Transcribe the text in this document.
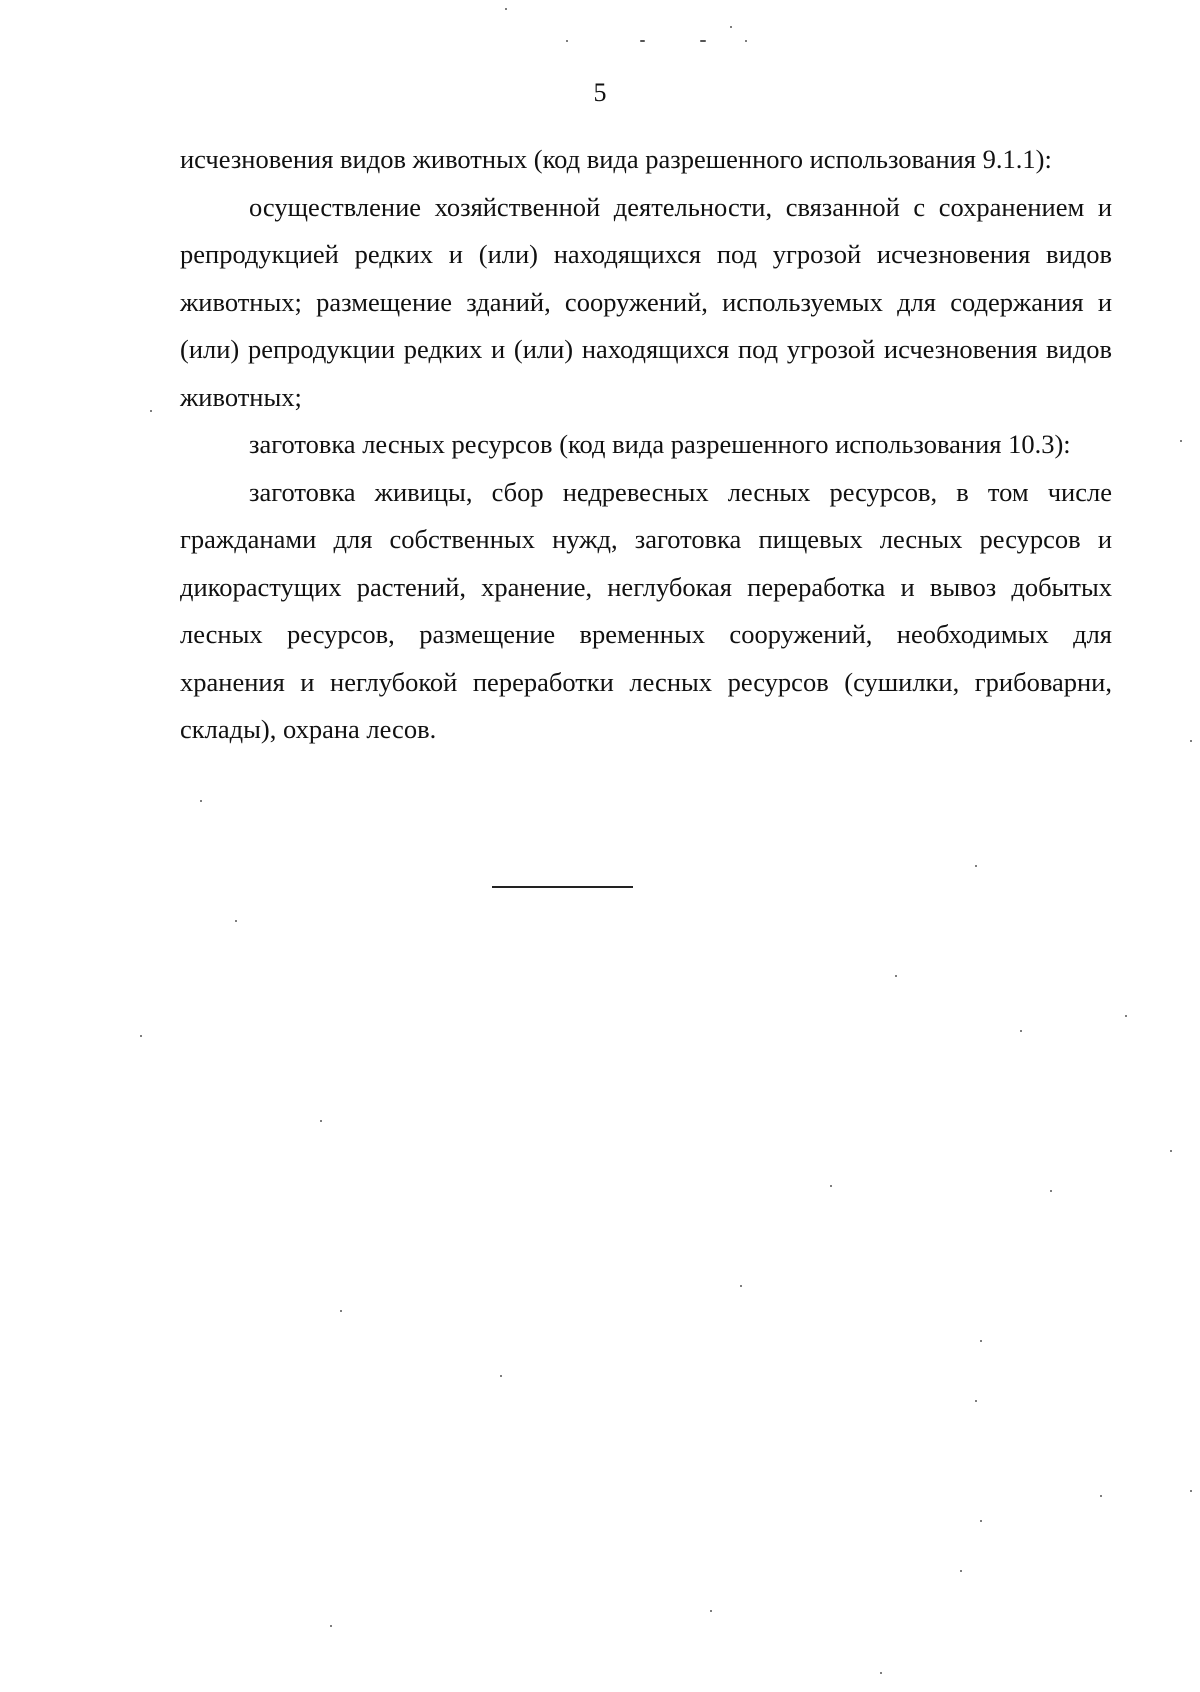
5

исчезновения видов животных (код вида разрешенного использования 9.1.1):

осуществление хозяйственной деятельности, связанной с сохранением и репродукцией редких и (или) находящихся под угрозой исчезновения видов животных; размещение зданий, сооружений, используемых для содержания и (или) репродукции редких и (или) находящихся под угрозой исчезновения видов животных;

заготовка лесных ресурсов (код вида разрешенного использования 10.3):

заготовка живицы, сбор недревесных лесных ресурсов, в том числе гражданами для собственных нужд, заготовка пищевых лесных ресурсов и дикорастущих растений, хранение, неглубокая переработка и вывоз добытых лесных ресурсов, размещение временных сооружений, необходимых для хранения и неглубокой переработки лесных ресурсов (сушилки, грибоварни, склады), охрана лесов.
